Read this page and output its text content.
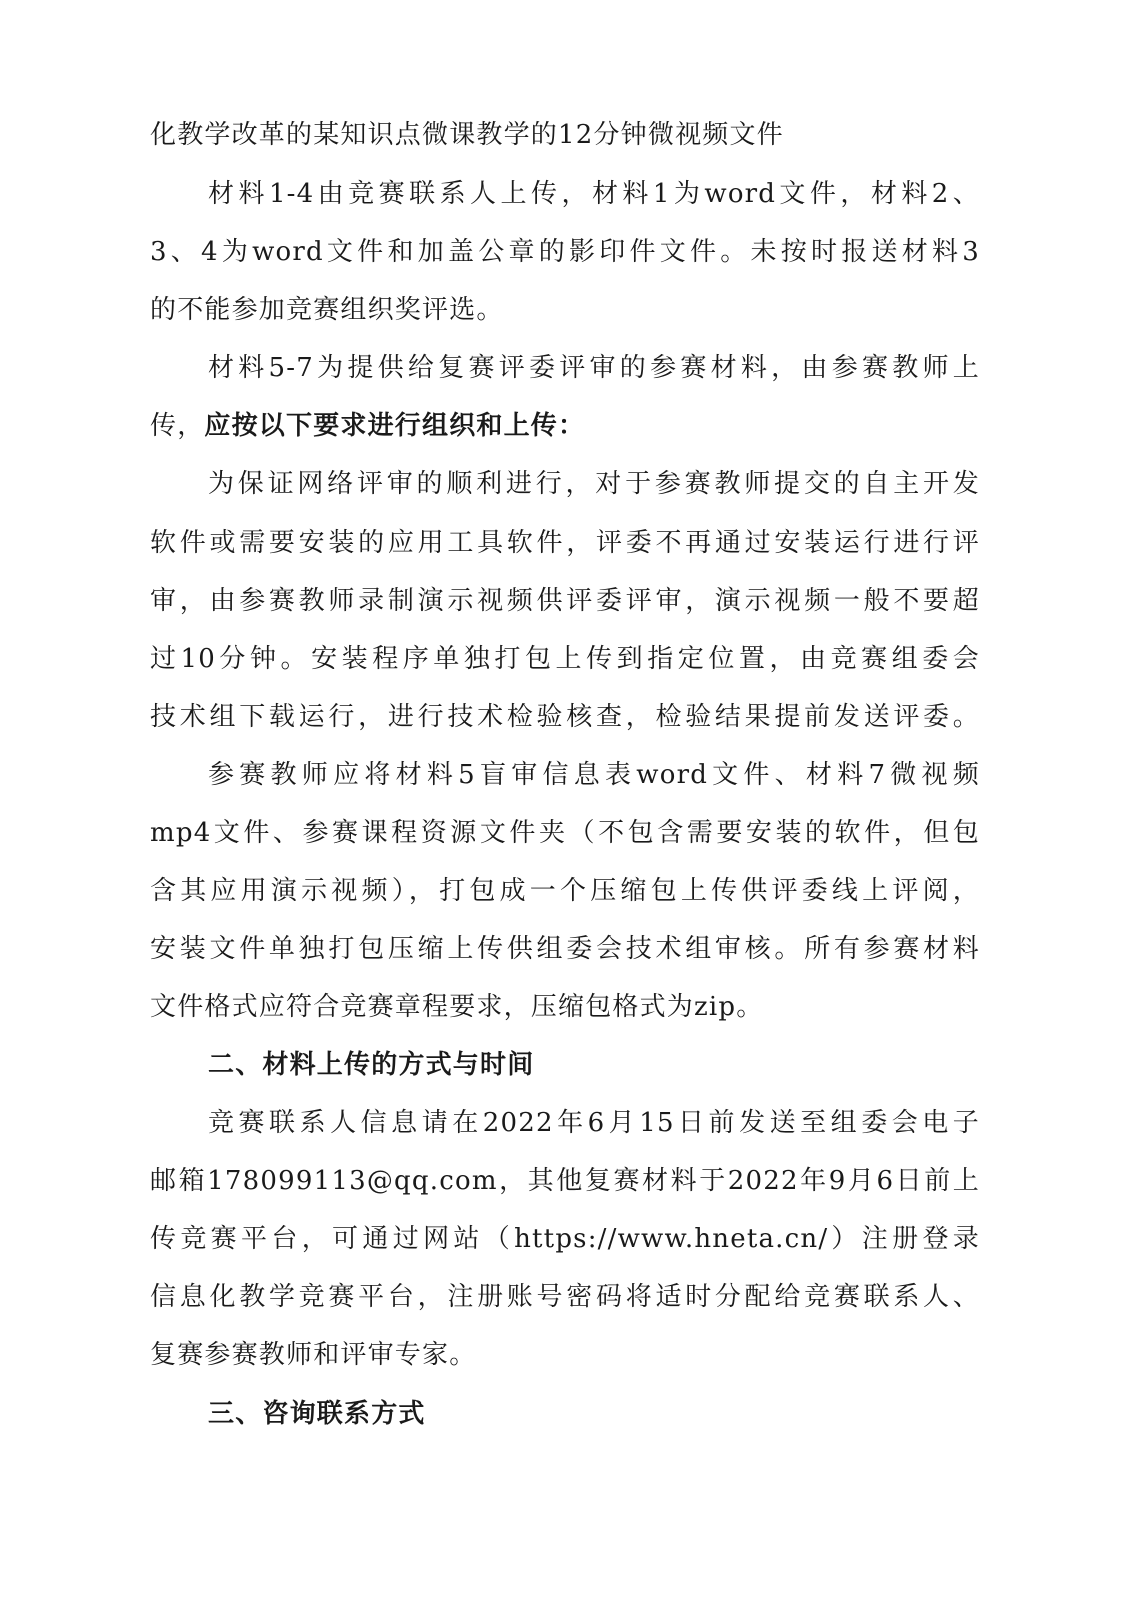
化教学改革的某知识点微课教学的12分钟微视频文件
材料1-4由竞赛联系人上传，材料1为word文件，材料2、
3、4为word文件和加盖公章的影印件文件。未按时报送材料3
的不能参加竞赛组织奖评选。
材料5-7为提供给复赛评委评审的参赛材料，由参赛教师上
传，应按以下要求进行组织和上传：
为保证网络评审的顺利进行，对于参赛教师提交的自主开发
软件或需要安装的应用工具软件，评委不再通过安装运行进行评
审，由参赛教师录制演示视频供评委评审，演示视频一般不要超
过10分钟。安装程序单独打包上传到指定位置，由竞赛组委会
技术组下载运行，进行技术检验核查，检验结果提前发送评委。
参赛教师应将材料5盲审信息表word文件、材料7微视频
mp4文件、参赛课程资源文件夹（不包含需要安装的软件，但包
含其应用演示视频），打包成一个压缩包上传供评委线上评阅，
安装文件单独打包压缩上传供组委会技术组审核。所有参赛材料
文件格式应符合竞赛章程要求，压缩包格式为zip。
二、材料上传的方式与时间
竞赛联系人信息请在2022年6月15日前发送至组委会电子
邮箱178099113@qq.com，其他复赛材料于2022年9月6日前上
传竞赛平台，可通过网站（https://www.hneta.cn/）注册登录
信息化教学竞赛平台，注册账号密码将适时分配给竞赛联系人、
复赛参赛教师和评审专家。
三、咨询联系方式
